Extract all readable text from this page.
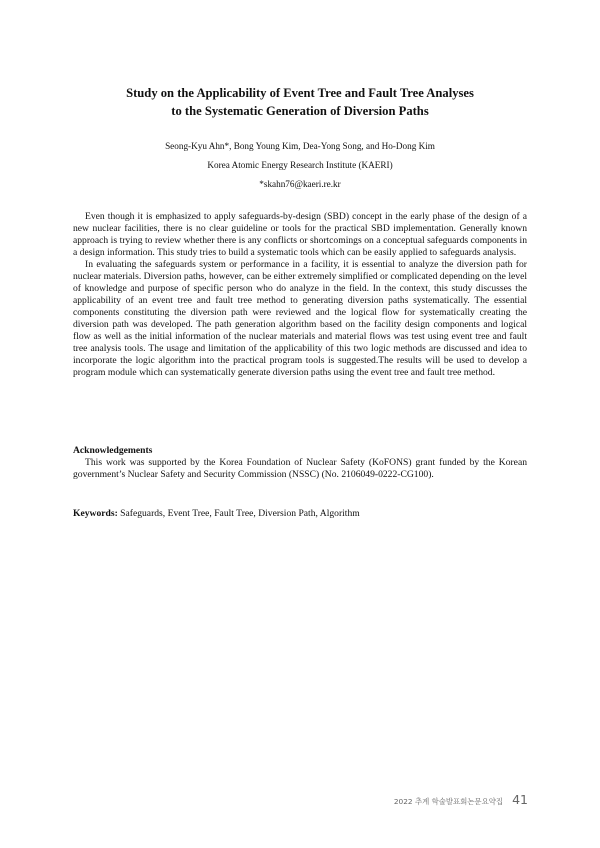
Study on the Applicability of Event Tree and Fault Tree Analyses
to the Systematic Generation of Diversion Paths
Seong-Kyu Ahn*, Bong Young Kim, Dea-Yong Song, and Ho-Dong Kim
Korea Atomic Energy Research Institute (KAERI)
*skahn76@kaeri.re.kr

Even though it is emphasized to apply safeguards-by-design (SBD) concept in the early phase of the design of a new nuclear facilities, there is no clear guideline or tools for the practical SBD implementation. Generally known approach is trying to review whether there is any conflicts or shortcomings on a conceptual safeguards components in a design information. This study tries to build a systematic tools which can be easily applied to safeguards analysis.

In evaluating the safeguards system or performance in a facility, it is essential to analyze the diversion path for nuclear materials. Diversion paths, however, can be either extremely simplified or complicated depending on the level of knowledge and purpose of specific person who do analyze in the field. In the context, this study discusses the applicability of an event tree and fault tree method to generating diversion paths systematically. The essential components constituting the diversion path were reviewed and the logical flow for systematically creating the diversion path was developed. The path generation algorithm based on the facility design components and logical flow as well as the initial information of the nuclear materials and material flows was test using event tree and fault tree analysis tools. The usage and limitation of the applicability of this two logic methods are discussed and idea to incorporate the logic algorithm into the practical program tools is suggested.The results will be used to develop a program module which can systematically generate diversion paths using the event tree and fault tree method.

Acknowledgements

This work was supported by the Korea Foundation of Nuclear Safety (KoFONS) grant funded by the Korean government’s Nuclear Safety and Security Commission (NSSC) (No. 2106049-0222-CG100).

Keywords: Safeguards, Event Tree, Fault Tree, Diversion Path, Algorithm
2022 추계 학술발표회논문요약집 41
